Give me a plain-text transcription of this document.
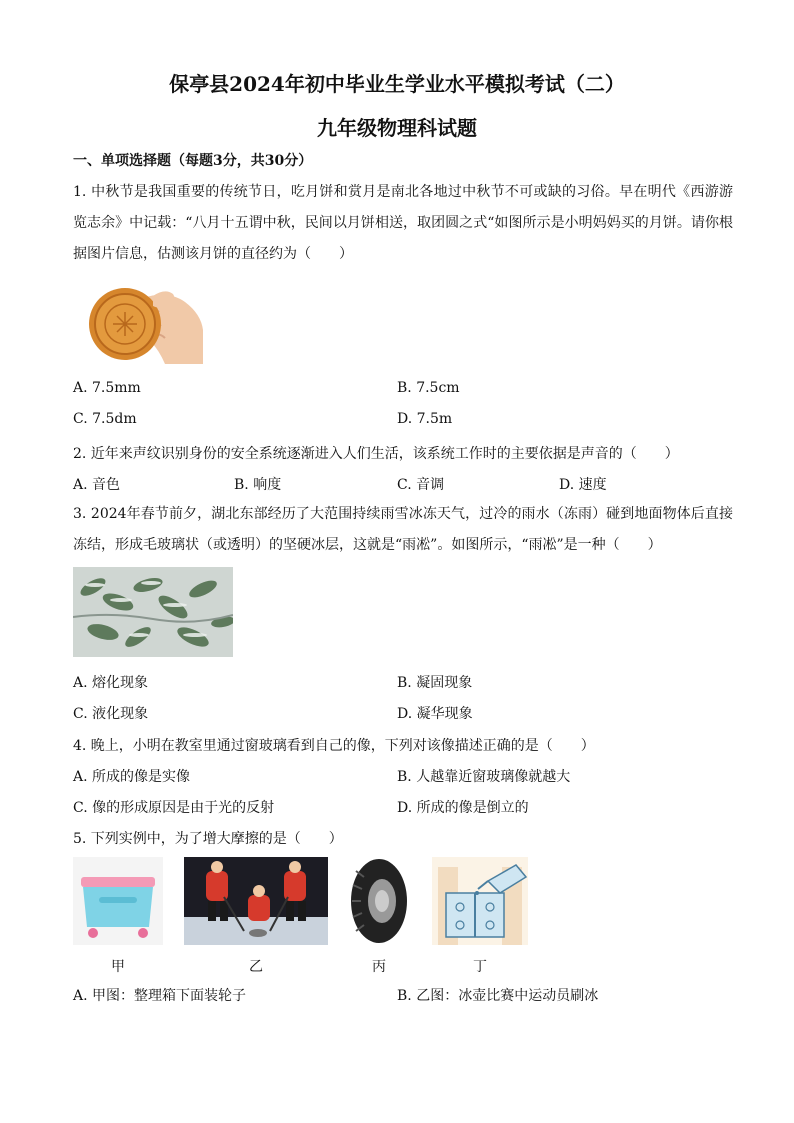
保亭县2024年初中毕业生学业水平模拟考试（二）
九年级物理科试题
一、单项选择题（每题3分，共30分）
1. 中秋节是我国重要的传统节日，吃月饼和赏月是南北各地过中秋节不可或缺的习俗。早在明代《西游游览志余》中记载：“八月十五谓中秋，民间以月饼相送，取团圆之式“如图所示是小明妈妈买的月饼。请你根据图片信息，估测该月饼的直径约为（　　）
A. 7.5mm	B. 7.5cm
C. 7.5dm	D. 7.5m
2. 近年来声纹识别身份的安全系统逐渐进入人们生活，该系统工作时的主要依据是声音的（　　）
A. 音色	B. 响度	C. 音调	D. 速度
3. 2024年春节前夕，湖北东部经历了大范围持续雨雪冰冻天气，过冷的雨水（冻雨）碰到地面物体后直接冻结，形成毛玻璃状（或透明）的坚硬冰层，这就是“雨凇”。如图所示，“雨凇”是一种（　　）
A. 熔化现象	B. 凝固现象
C. 液化现象	D. 凝华现象
4. 晚上，小明在教室里通过窗玻璃看到自己的像，下列对该像描述正确的是（　　）
A. 所成的像是实像	B. 人越靠近窗玻璃像就越大
C. 像的形成原因是由于光的反射	D. 所成的像是倒立的
5. 下列实例中，为了增大摩擦的是（　　）
甲	乙	丙	丁
A. 甲图：整理箱下面装轮子	B. 乙图：冰壶比赛中运动员刷冰
